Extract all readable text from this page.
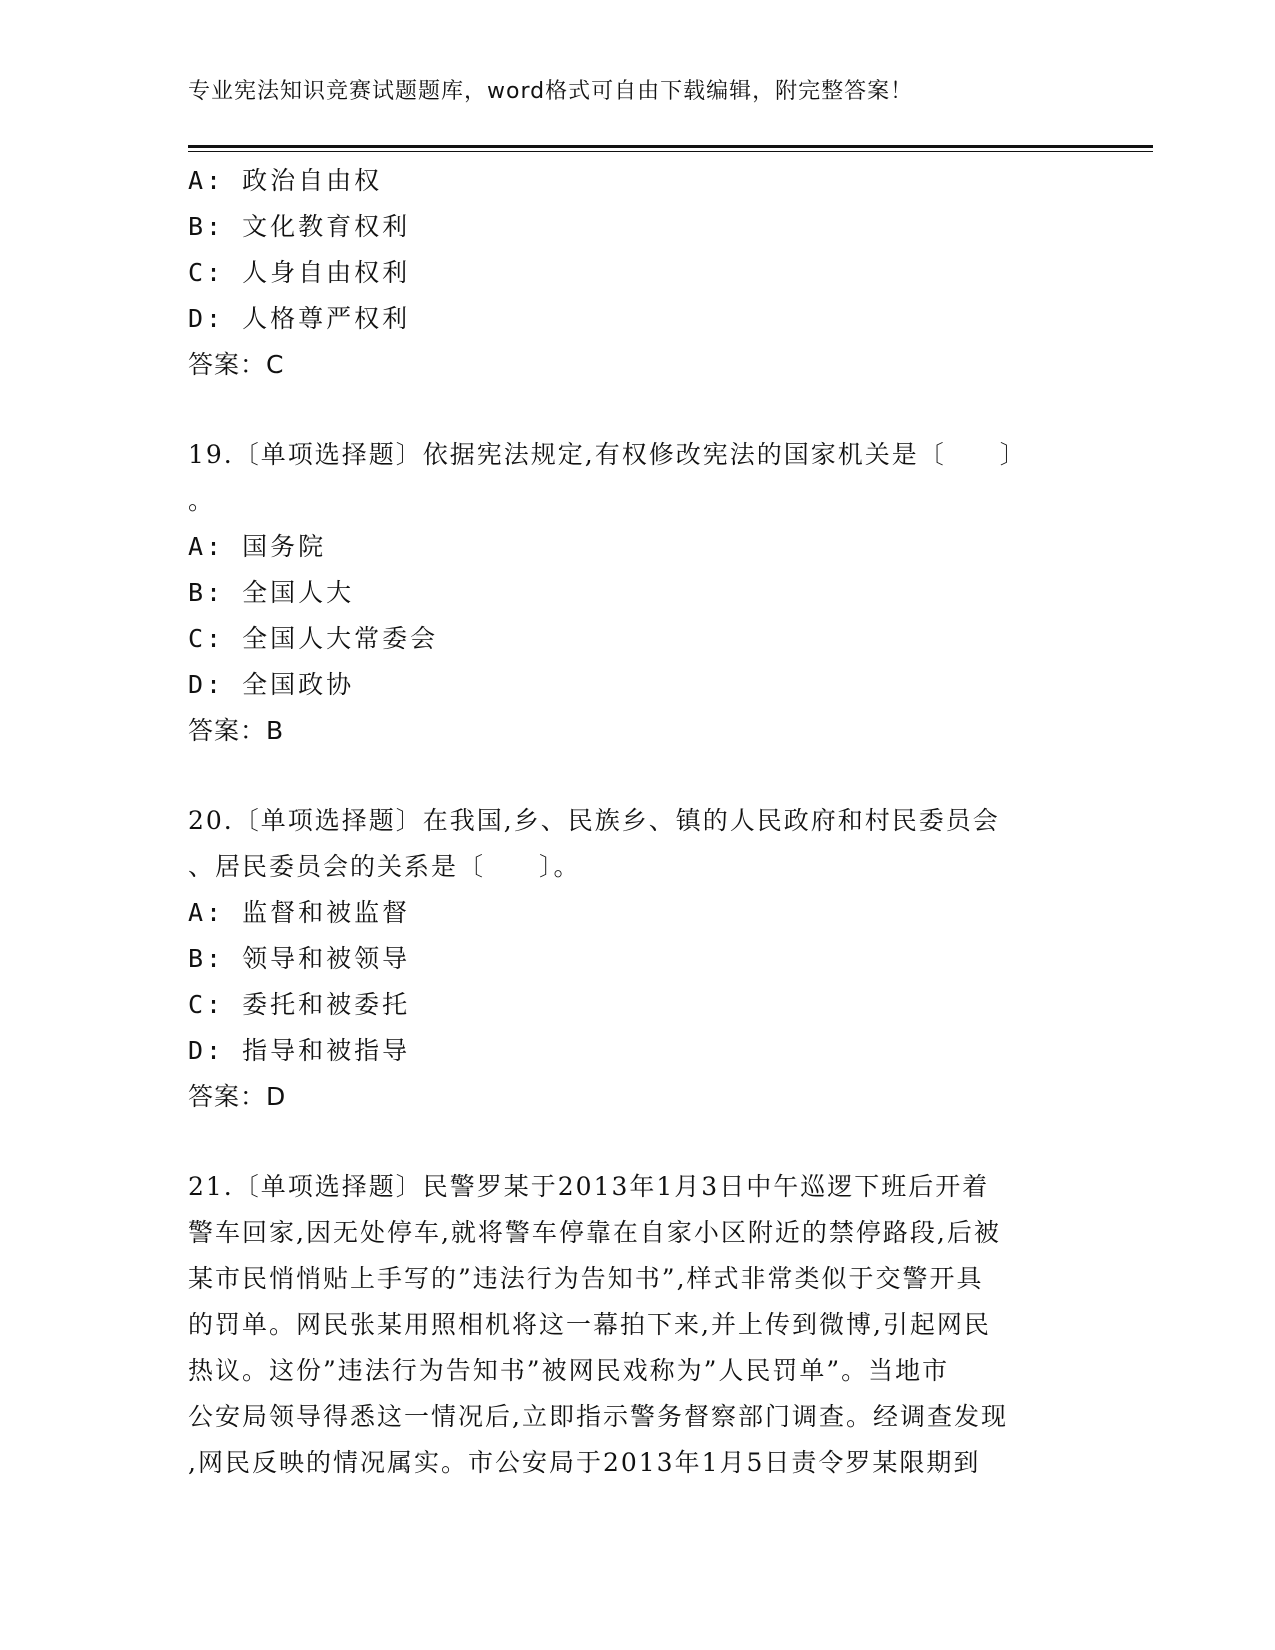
专业宪法知识竞赛试题题库，word格式可自由下载编辑，附完整答案！
A: 政治自由权
B: 文化教育权利
C: 人身自由权利
D: 人格尊严权利
答案：C
19.〔单项选择题〕依据宪法规定,有权修改宪法的国家机关是〔　　〕
。
A: 国务院
B: 全国人大
C: 全国人大常委会
D: 全国政协
答案：B
20.〔单项选择题〕在我国,乡、民族乡、镇的人民政府和村民委员会
、居民委员会的关系是〔　　〕。
A: 监督和被监督
B: 领导和被领导
C: 委托和被委托
D: 指导和被指导
答案：D
21.〔单项选择题〕民警罗某于2013年1月3日中午巡逻下班后开着
警车回家,因无处停车,就将警车停靠在自家小区附近的禁停路段,后被
某市民悄悄贴上手写的”违法行为告知书”,样式非常类似于交警开具
的罚单。网民张某用照相机将这一幕拍下来,并上传到微博,引起网民
热议。这份”违法行为告知书”被网民戏称为”人民罚单”。当地市
公安局领导得悉这一情况后,立即指示警务督察部门调查。经调查发现
,网民反映的情况属实。市公安局于2013年1月5日责令罗某限期到
